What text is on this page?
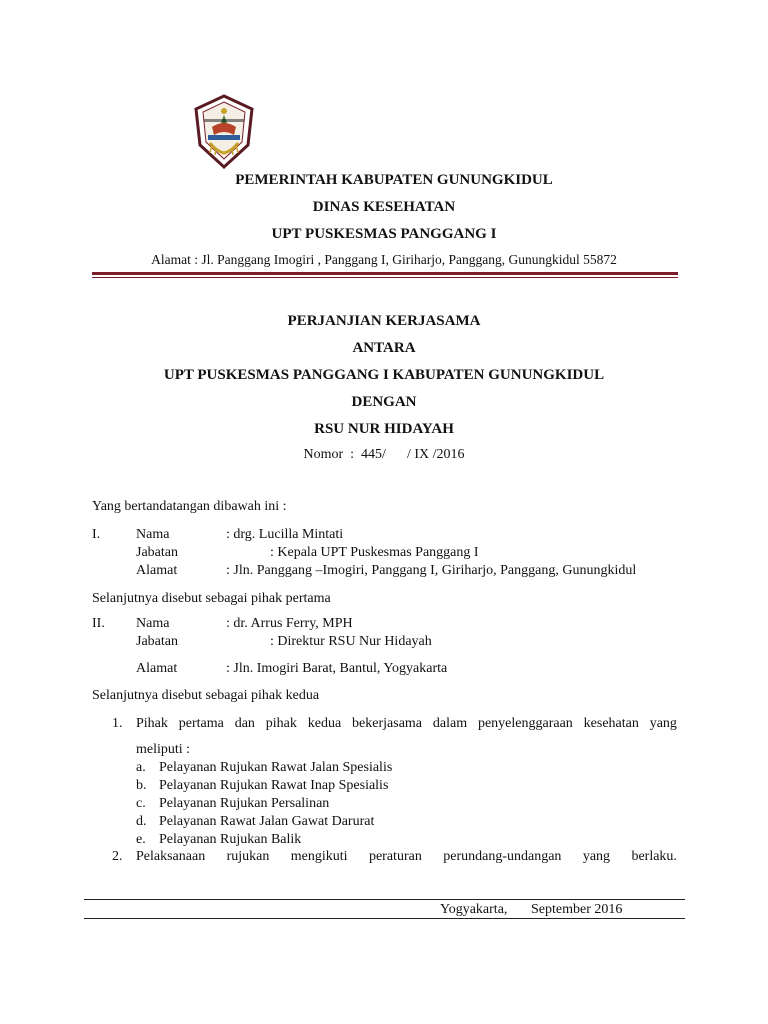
PEMERINTAH KABUPATEN GUNUNGKIDUL
DINAS KESEHATAN
UPT PUSKESMAS PANGGANG I
Alamat : Jl. Panggang Imogiri , Panggang I, Giriharjo, Panggang, Gunungkidul 55872
PERJANJIAN KERJASAMA
ANTARA
UPT PUSKESMAS PANGGANG I KABUPATEN GUNUNGKIDUL
DENGAN
RSU NUR HIDAYAH
Nomor  :  445/      / IX /2016
Yang bertandatangan dibawah ini :
I.	Nama	: drg. Lucilla Mintati
Jabatan	: Kepala UPT Puskesmas Panggang I
Alamat	: Jln. Panggang –Imogiri, Panggang I, Giriharjo, Panggang, Gunungkidul
Selanjutnya disebut sebagai pihak pertama
II. Nama	: dr. Arrus Ferry, MPH
Jabatan	: Direktur RSU Nur Hidayah
Alamat	: Jln. Imogiri Barat, Bantul, Yogyakarta
Selanjutnya disebut sebagai pihak kedua
1. Pihak pertama dan pihak kedua bekerjasama dalam penyelenggaraan kesehatan yang
meliputi :
a. Pelayanan Rujukan Rawat Jalan Spesialis
b. Pelayanan Rujukan Rawat Inap Spesialis
c. Pelayanan Rujukan Persalinan
d. Pelayanan Rawat Jalan Gawat Darurat
e. Pelayanan Rujukan Balik
2. Pelaksanaan rujukan mengikuti peraturan perundang-undangan yang berlaku.
Yogyakarta, September 2016
